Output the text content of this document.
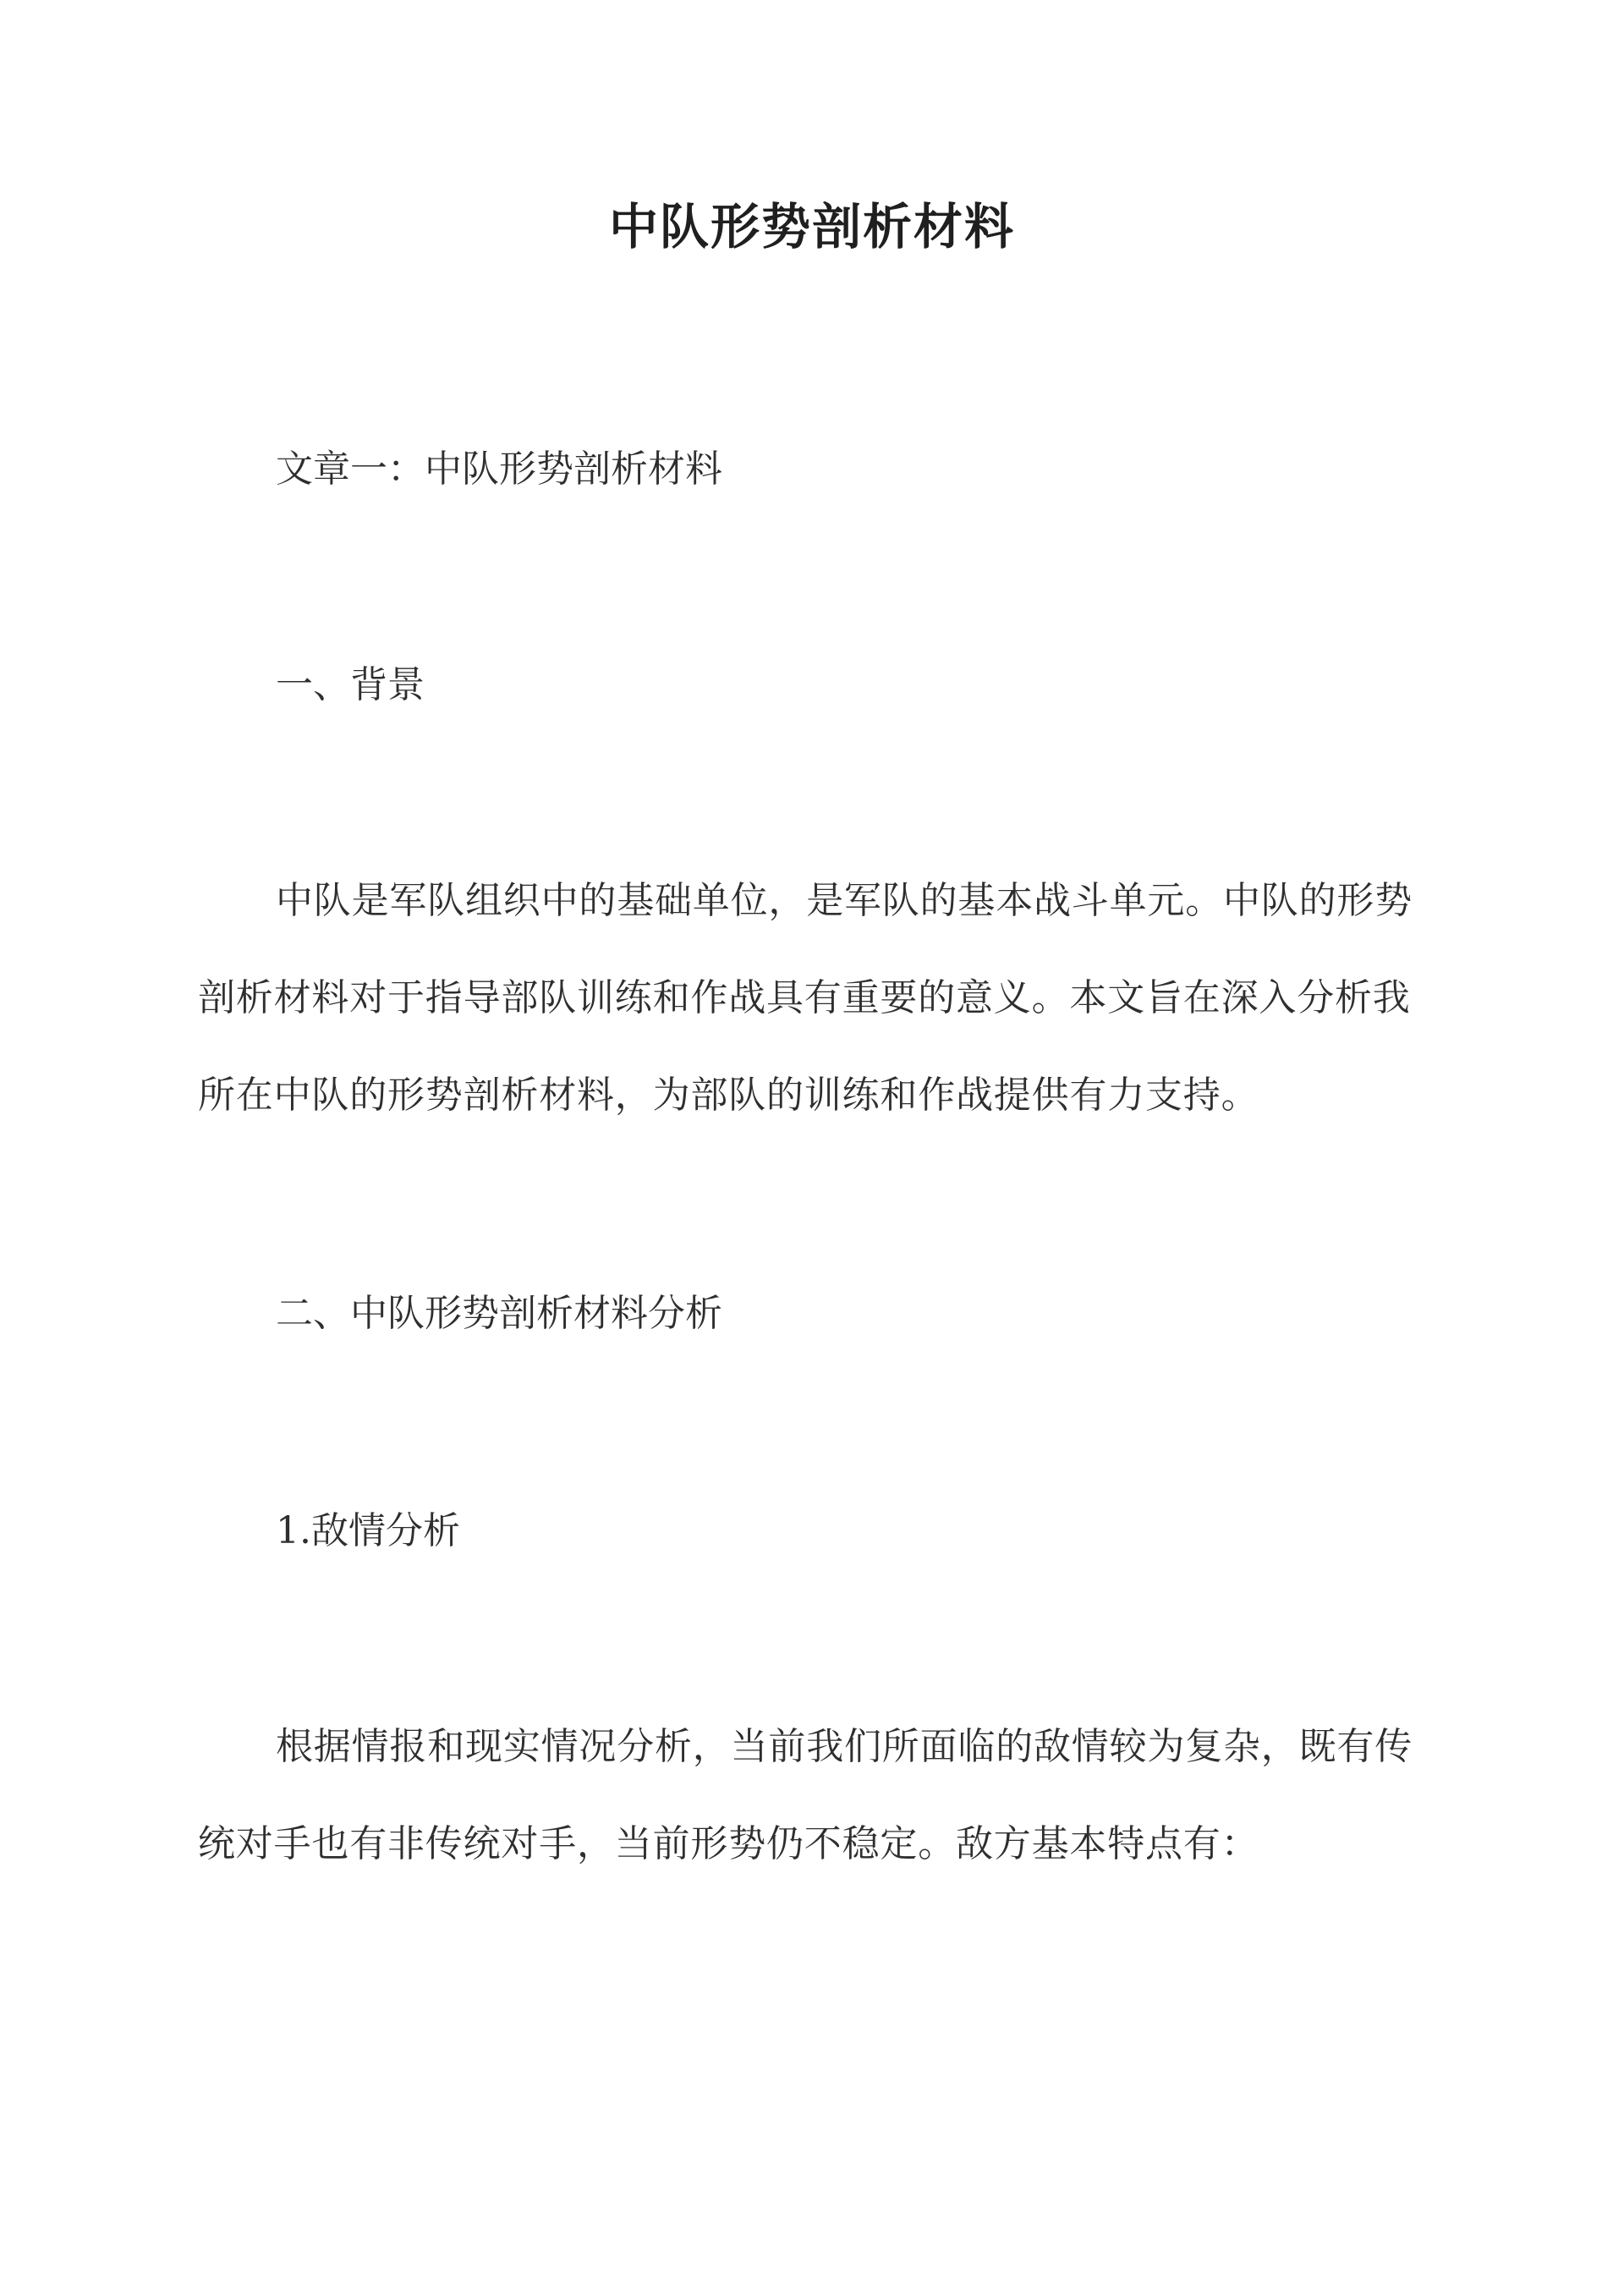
中队形势剖析材料
文章一：中队形势剖析材料
一、背景
中队是军队组织中的基础单位，是军队的基本战斗单元。中队的形势
剖析材料对于指导部队训练和作战具有重要的意义。本文旨在深入分析我
所在中队的形势剖析材料，为部队的训练和作战提供有力支持。
二、中队形势剖析材料分析
1.敌情分析
根据情报和现实情况分析，当前我们所面临的敌情较为复杂，既有传
统对手也有非传统对手，当前形势仍不稳定。敌方基本特点有：
